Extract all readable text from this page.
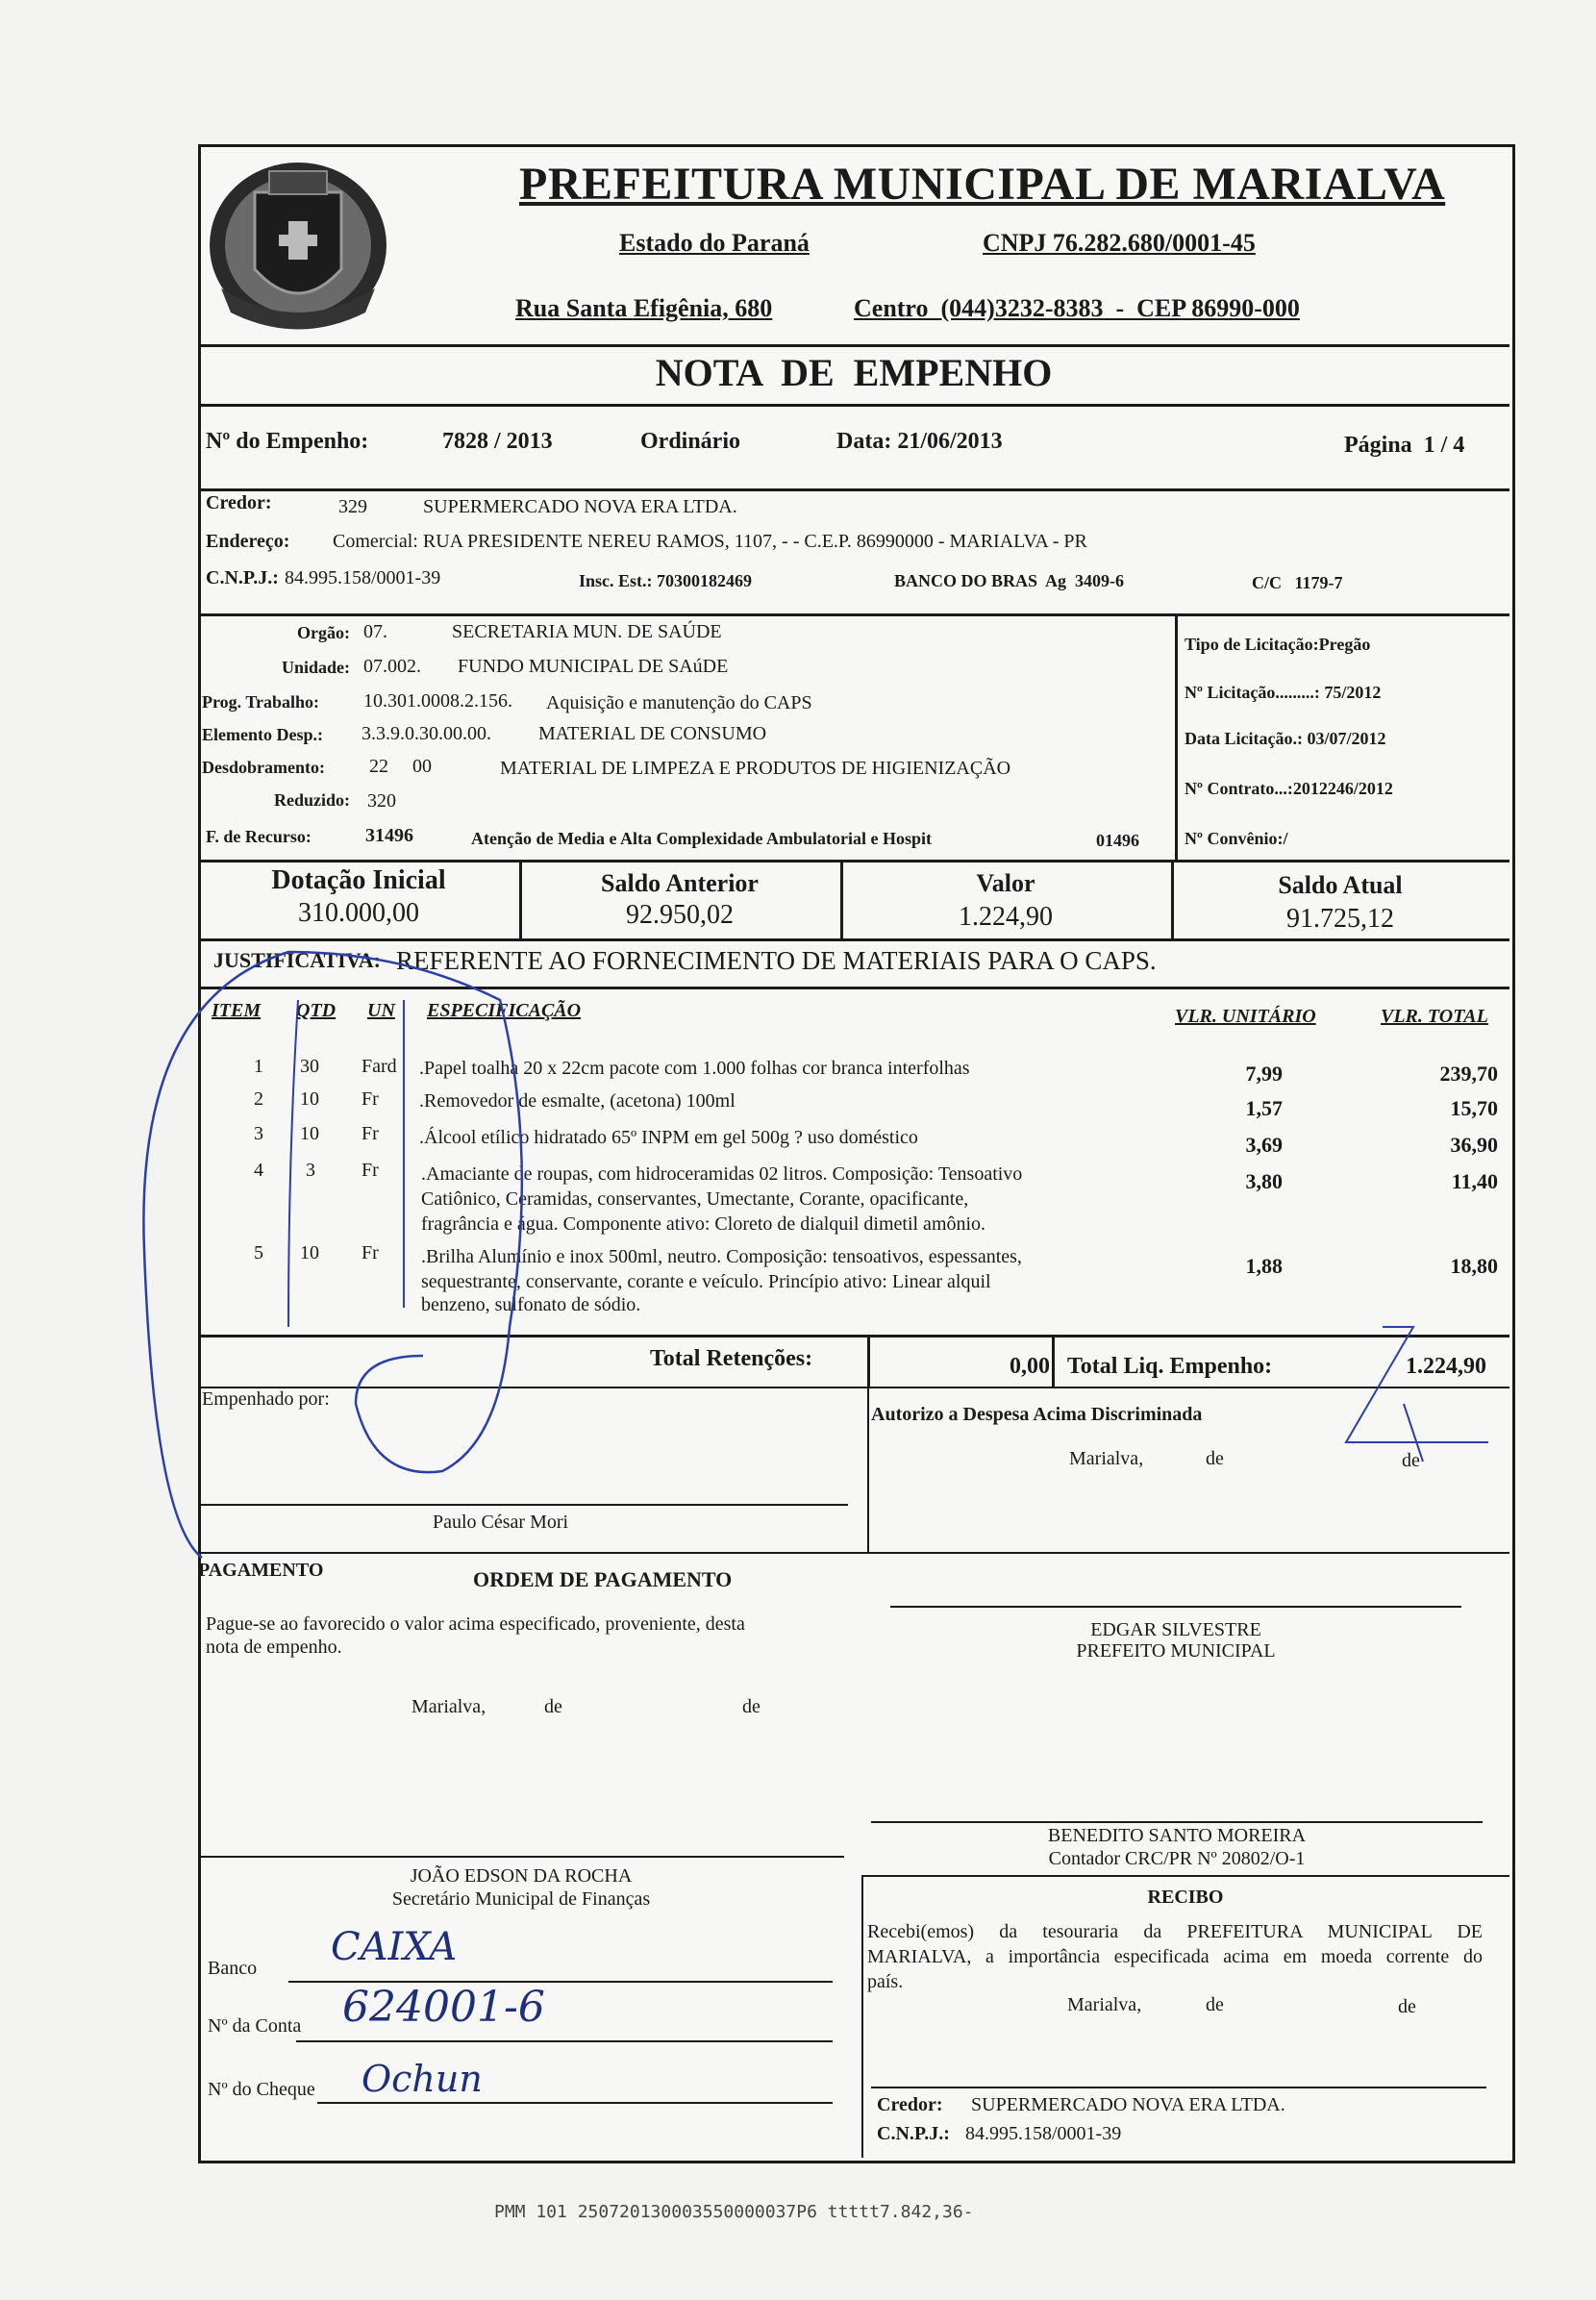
PREFEITURA MUNICIPAL DE MARIALVA
Estado do Paraná	CNPJ 76.282.680/0001-45
Rua Santa Efigênia, 680	Centro  (044)3232-8383  -  CEP 86990-000
NOTA  DE  EMPENHO
Nº do Empenho:	7828 / 2013	Ordinário	Data: 21/06/2013	Página  1 / 4
Credor:	329	SUPERMERCADO NOVA ERA LTDA.
Endereço: Comercial: RUA PRESIDENTE NEREU RAMOS, 1107, - - C.E.P. 86990000 - MARIALVA - PR
C.N.P.J.: 84.995.158/0001-39	Insc. Est.: 70300182469	BANCO DO BRAS  Ag  3409-6	C/C   1179-7
Orgão: 07.	SECRETARIA MUN. DE SAÚDE
Unidade: 07.002. FUNDO MUNICIPAL DE SAúDE
Prog. Trabalho: 10.301.0008.2.156. Aquisição e manutenção do CAPS
Elemento Desp.: 3.3.9.0.30.00.00. MATERIAL DE CONSUMO
Desdobramento: 22     00	MATERIAL DE LIMPEZA E PRODUTOS DE HIGIENIZAÇÃO
Reduzido: 320
F. de Recurso:	31496	Atenção de Media e Alta Complexidade Ambulatorial e Hospit	01496
Tipo de Licitação:Pregão
Nº Licitação.........: 75/2012
Data Licitação.: 03/07/2012
Nº Contrato...:2012246/2012
Nº Convênio:/
Dotação Inicial
310.000,00
Saldo Anterior
92.950,02
Valor
1.224,90
Saldo Atual
91.725,12
JUSTIFICATIVA: REFERENTE AO FORNECIMENTO DE MATERIAIS PARA O CAPS.
ITEM QTD UN ESPECIFICAÇÃO	VLR. UNITÁRIO	VLR. TOTAL
1 30 Fard .Papel toalha 20 x 22cm pacote com 1.000 folhas cor branca interfolhas	7,99	239,70
2 10 Fr .Removedor de esmalte, (acetona) 100ml	1,57	15,70
3 10 Fr .Álcool etílico hidratado 65º INPM em gel 500g ? uso doméstico	3,69	36,90
4 3 Fr .Amaciante de roupas, com hidroceramidas 02 litros. Composição: Tensoativo
Catiônico, Ceramidas, conservantes, Umectante, Corante, opacificante,
fragrância e água. Componente ativo: Cloreto de dialquil dimetil amônio.
3,80	11,40
5 10 Fr .Brilha Alumínio e inox 500ml, neutro. Composição: tensoativos, espessantes,
sequestrante, conservante, corante e veículo. Princípio ativo: Linear alquil
benzeno, sulfonato de sódio.
1,88	18,80
Total Retenções:	0,00 Total Liq. Empenho:	1.224,90
Empenhado por:
Autorizo a Despesa Acima Discriminada
Marialva,	de	de
Paulo César Mori
PAGAMENTO	ORDEM DE PAGAMENTO
Pague-se ao favorecido o valor acima especificado, proveniente, desta
nota de empenho.
Marialva,	de	de
EDGAR SILVESTRE
PREFEITO MUNICIPAL
BENEDITO SANTO MOREIRA
Contador CRC/PR Nº 20802/O-1
JOÃO EDSON DA ROCHA
Secretário Municipal de Finanças	RECIBO
Recebi(emos) da tesouraria da PREFEITURA MUNICIPAL DE
MARIALVA, a importância especificada acima em moeda corrente do
país.
Marialva,	de	de
Credor: SUPERMERCADO NOVA ERA LTDA.
C.N.P.J.: 84.995.158/0001-39
Banco CAIXA
Nº da Conta 624001-6
Nº do Cheque Ochun
PMM 101 250720130003550000037P6 ttttt7.842,36-
